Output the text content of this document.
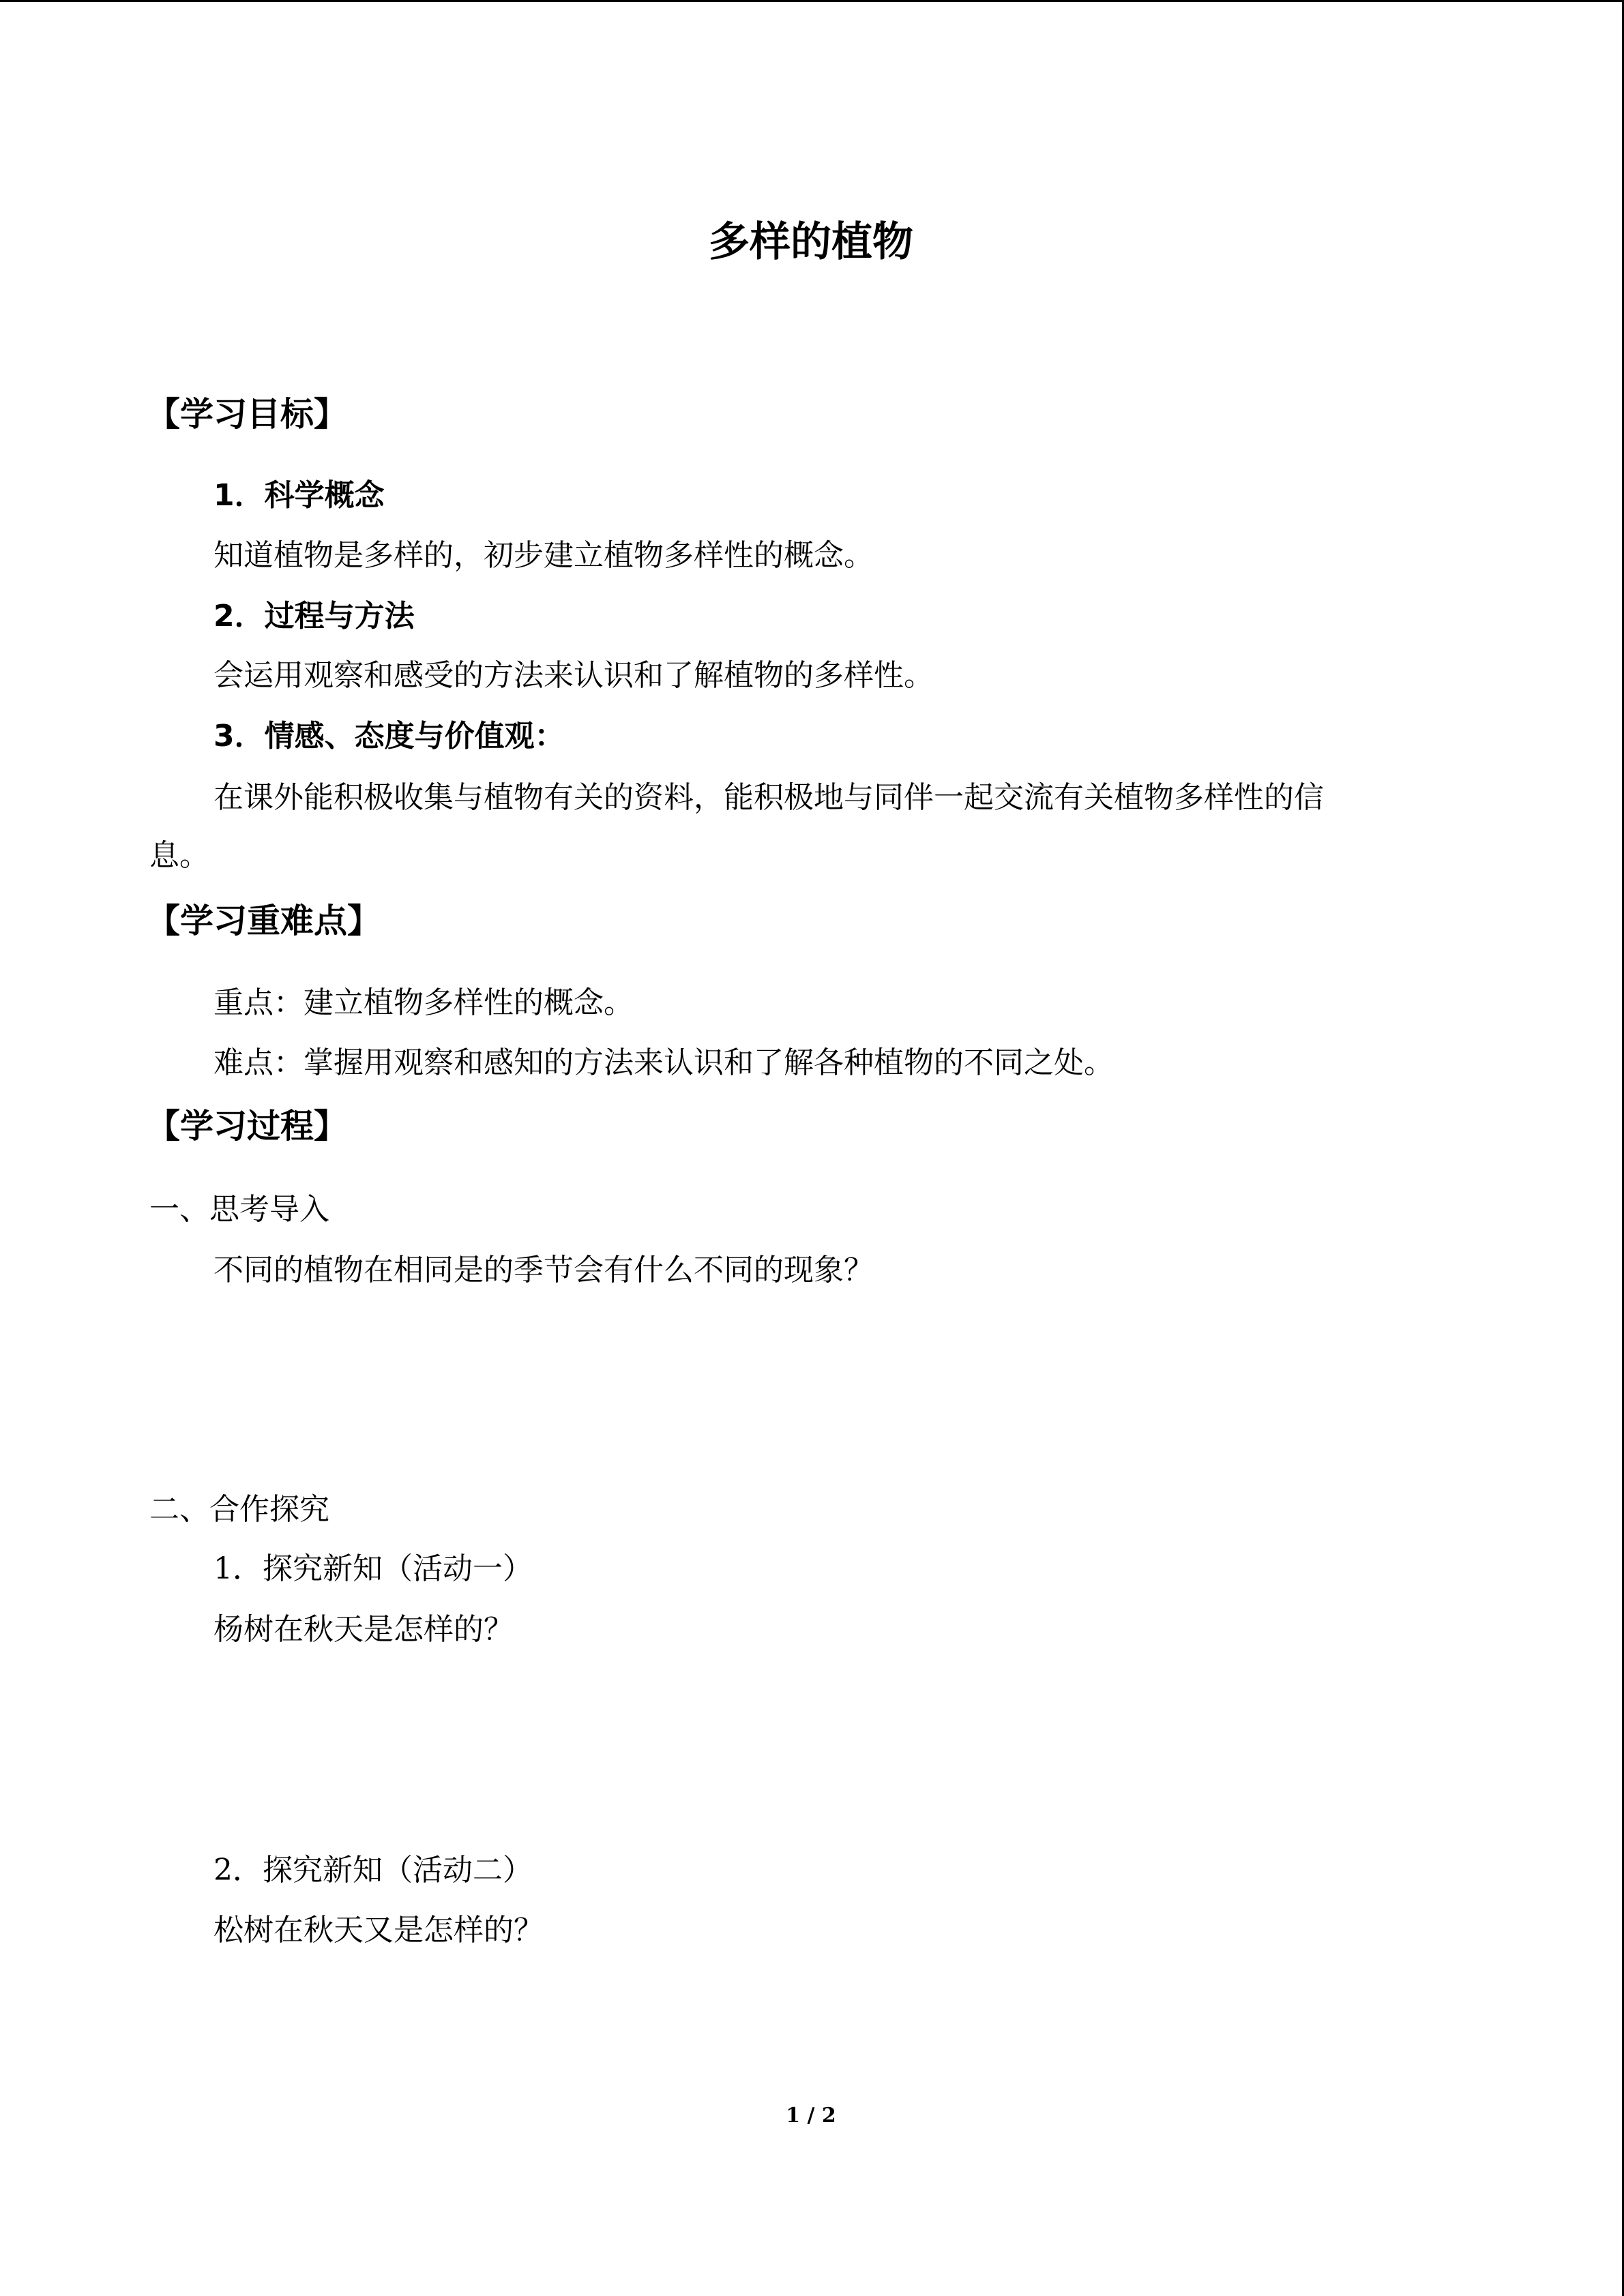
多样的植物
【学习目标】
1．科学概念
知道植物是多样的，初步建立植物多样性的概念。
2．过程与方法
会运用观察和感受的方法来认识和了解植物的多样性。
3．情感、态度与价值观：
在课外能积极收集与植物有关的资料，能积极地与同伴一起交流有关植物多样性的信
息。
【学习重难点】
重点：建立植物多样性的概念。
难点：掌握用观察和感知的方法来认识和了解各种植物的不同之处。
【学习过程】
一、思考导入
不同的植物在相同是的季节会有什么不同的现象？
二、合作探究
1．探究新知（活动一）
杨树在秋天是怎样的？
2．探究新知（活动二）
松树在秋天又是怎样的？
1 / 2
